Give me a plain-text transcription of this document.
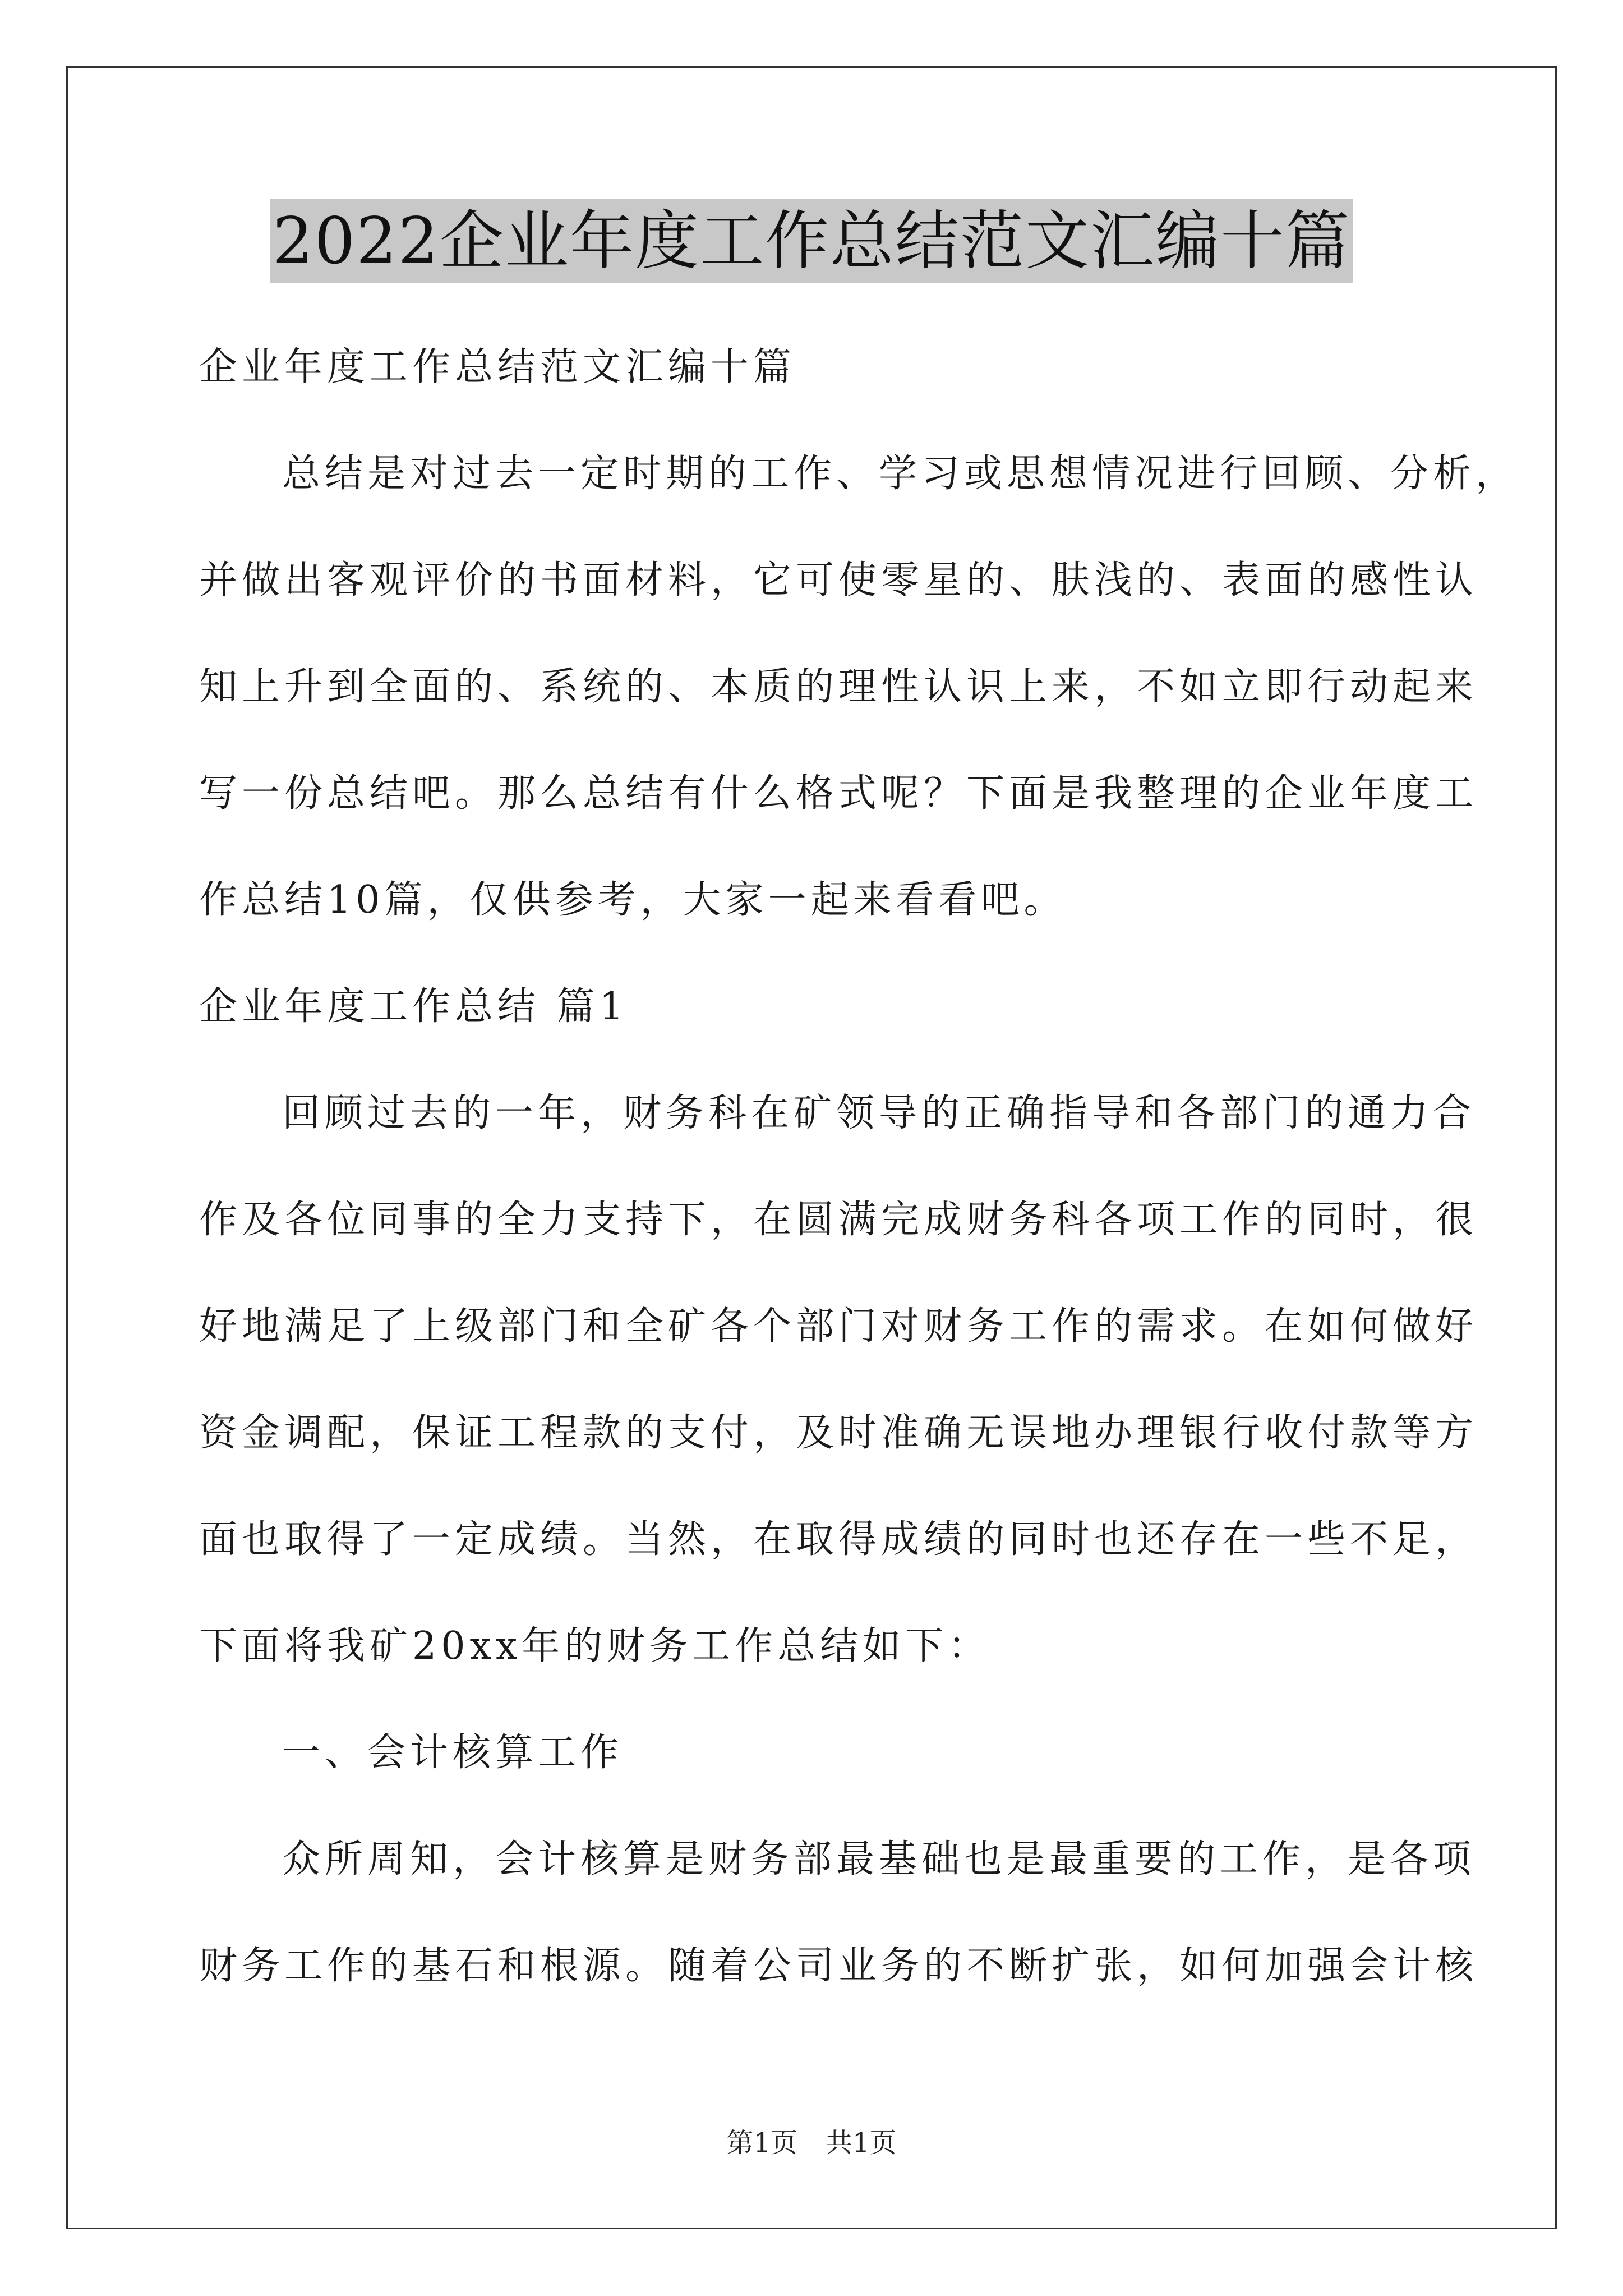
2022企业年度工作总结范文汇编十篇
企业年度工作总结范文汇编十篇
总结是对过去一定时期的工作、学习或思想情况进行回顾、分析，
并做出客观评价的书面材料，它可使零星的、肤浅的、表面的感性认
知上升到全面的、系统的、本质的理性认识上来，不如立即行动起来
写一份总结吧。那么总结有什么格式呢？下面是我整理的企业年度工
作总结10篇，仅供参考，大家一起来看看吧。
企业年度工作总结 篇1
回顾过去的一年，财务科在矿领导的正确指导和各部门的通力合
作及各位同事的全力支持下，在圆满完成财务科各项工作的同时，很
好地满足了上级部门和全矿各个部门对财务工作的需求。在如何做好
资金调配，保证工程款的支付，及时准确无误地办理银行收付款等方
面也取得了一定成绩。当然，在取得成绩的同时也还存在一些不足，
下面将我矿20xx年的财务工作总结如下：
一、会计核算工作
众所周知，会计核算是财务部最基础也是最重要的工作，是各项
财务工作的基石和根源。随着公司业务的不断扩张，如何加强会计核
第1页 共1页
